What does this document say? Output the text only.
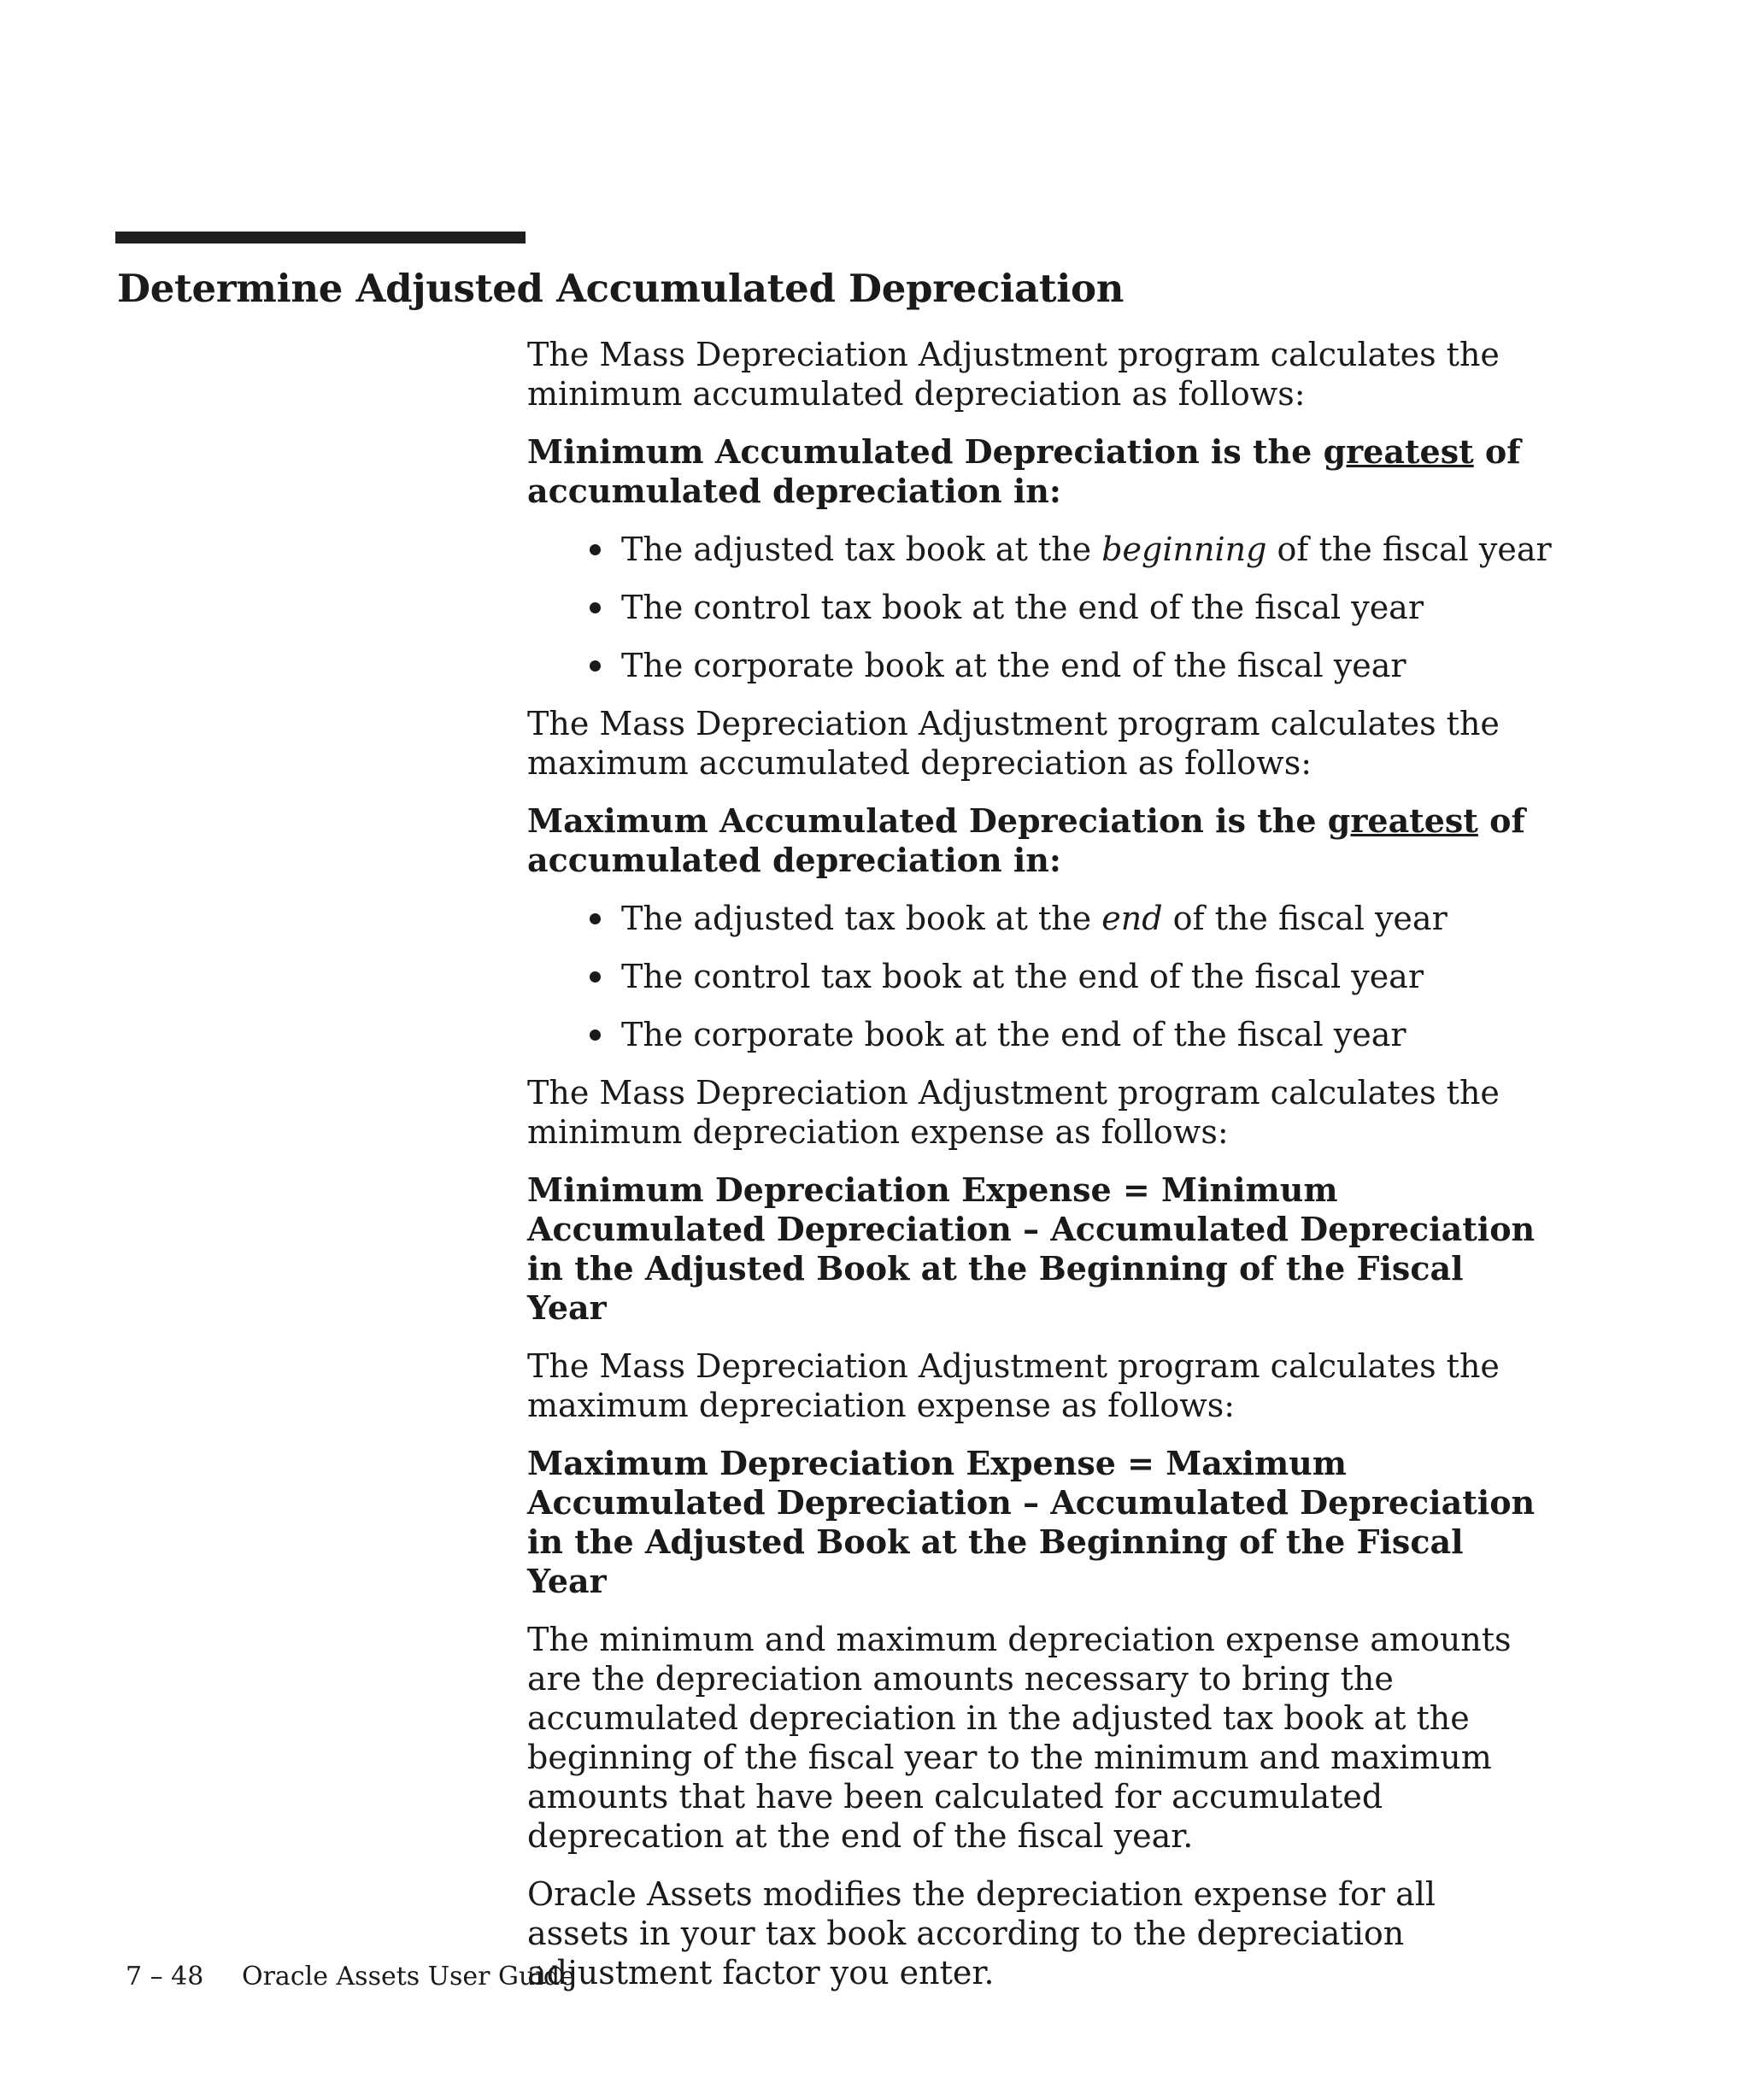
Determine Adjusted Accumulated Depreciation

The Mass Depreciation Adjustment program calculates the minimum accumulated depreciation as follows:

Minimum Accumulated Depreciation is the greatest of accumulated depreciation in:

The adjusted tax book at the beginning of the fiscal year
The control tax book at the end of the fiscal year
The corporate book at the end of the fiscal year

The Mass Depreciation Adjustment program calculates the maximum accumulated depreciation as follows:

Maximum Accumulated Depreciation is the greatest of accumulated depreciation in:

The adjusted tax book at the end of the fiscal year
The control tax book at the end of the fiscal year
The corporate book at the end of the fiscal year

The Mass Depreciation Adjustment program calculates the minimum depreciation expense as follows:

Minimum Depreciation Expense = Minimum Accumulated Depreciation – Accumulated Depreciation in the Adjusted Book at the Beginning of the Fiscal Year

The Mass Depreciation Adjustment program calculates the maximum depreciation expense as follows:

Maximum Depreciation Expense = Maximum Accumulated Depreciation – Accumulated Depreciation in the Adjusted Book at the Beginning of the Fiscal Year

The minimum and maximum depreciation expense amounts are the depreciation amounts necessary to bring the accumulated depreciation in the adjusted tax book at the beginning of the fiscal year to the minimum and maximum amounts that have been calculated for accumulated deprecation at the end of the fiscal year.

Oracle Assets modifies the depreciation expense for all assets in your tax book according to the depreciation adjustment factor you enter.

7 – 48 Oracle Assets User Guide
